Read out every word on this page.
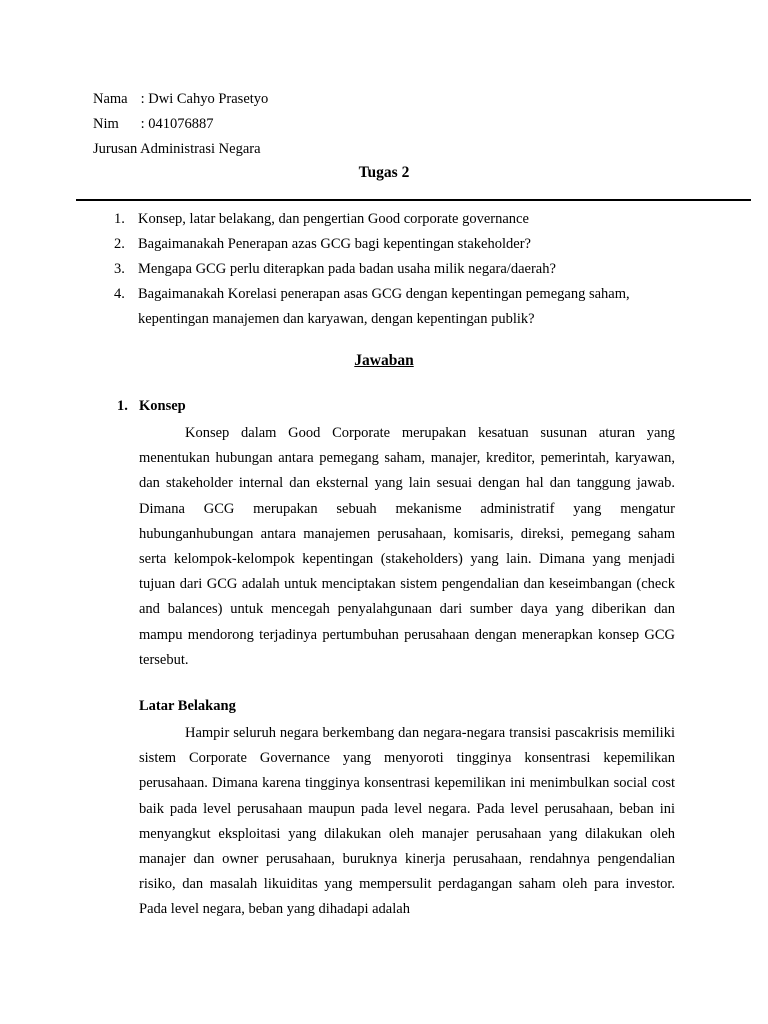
Nama : Dwi Cahyo Prasetyo
Nim : 041076887
Jurusan Administrasi Negara
Tugas 2
1. Konsep, latar belakang, dan pengertian Good corporate governance
2. Bagaimanakah Penerapan azas GCG bagi kepentingan stakeholder?
3. Mengapa GCG perlu diterapkan pada badan usaha milik negara/daerah?
4. Bagaimanakah Korelasi penerapan asas GCG dengan kepentingan pemegang saham, kepentingan manajemen dan karyawan, dengan kepentingan publik?
Jawaban
1. Konsep

Konsep dalam Good Corporate merupakan kesatuan susunan aturan yang menentukan hubungan antara pemegang saham, manajer, kreditor, pemerintah, karyawan, dan stakeholder internal dan eksternal yang lain sesuai dengan hal dan tanggung jawab. Dimana GCG merupakan sebuah mekanisme administratif yang mengatur hubunganhubungan antara manajemen perusahaan, komisaris, direksi, pemegang saham serta kelompok-kelompok kepentingan (stakeholders) yang lain. Dimana yang menjadi tujuan dari GCG adalah untuk menciptakan sistem pengendalian dan keseimbangan (check and balances) untuk mencegah penyalahgunaan dari sumber daya yang diberikan dan mampu mendorong terjadinya pertumbuhan perusahaan dengan menerapkan konsep GCG tersebut.

Latar Belakang

Hampir seluruh negara berkembang dan negara-negara transisi pascakrisis memiliki sistem Corporate Governance yang menyoroti tingginya konsentrasi kepemilikan perusahaan. Dimana karena tingginya konsentrasi kepemilikan ini menimbulkan social cost baik pada level perusahaan maupun pada level negara. Pada level perusahaan, beban ini menyangkut eksploitasi yang dilakukan oleh manajer perusahaan yang dilakukan oleh manajer dan owner perusahaan, buruknya kinerja perusahaan, rendahnya pengendalian risiko, dan masalah likuiditas yang mempersulit perdagangan saham oleh para investor. Pada level negara, beban yang dihadapi adalah
